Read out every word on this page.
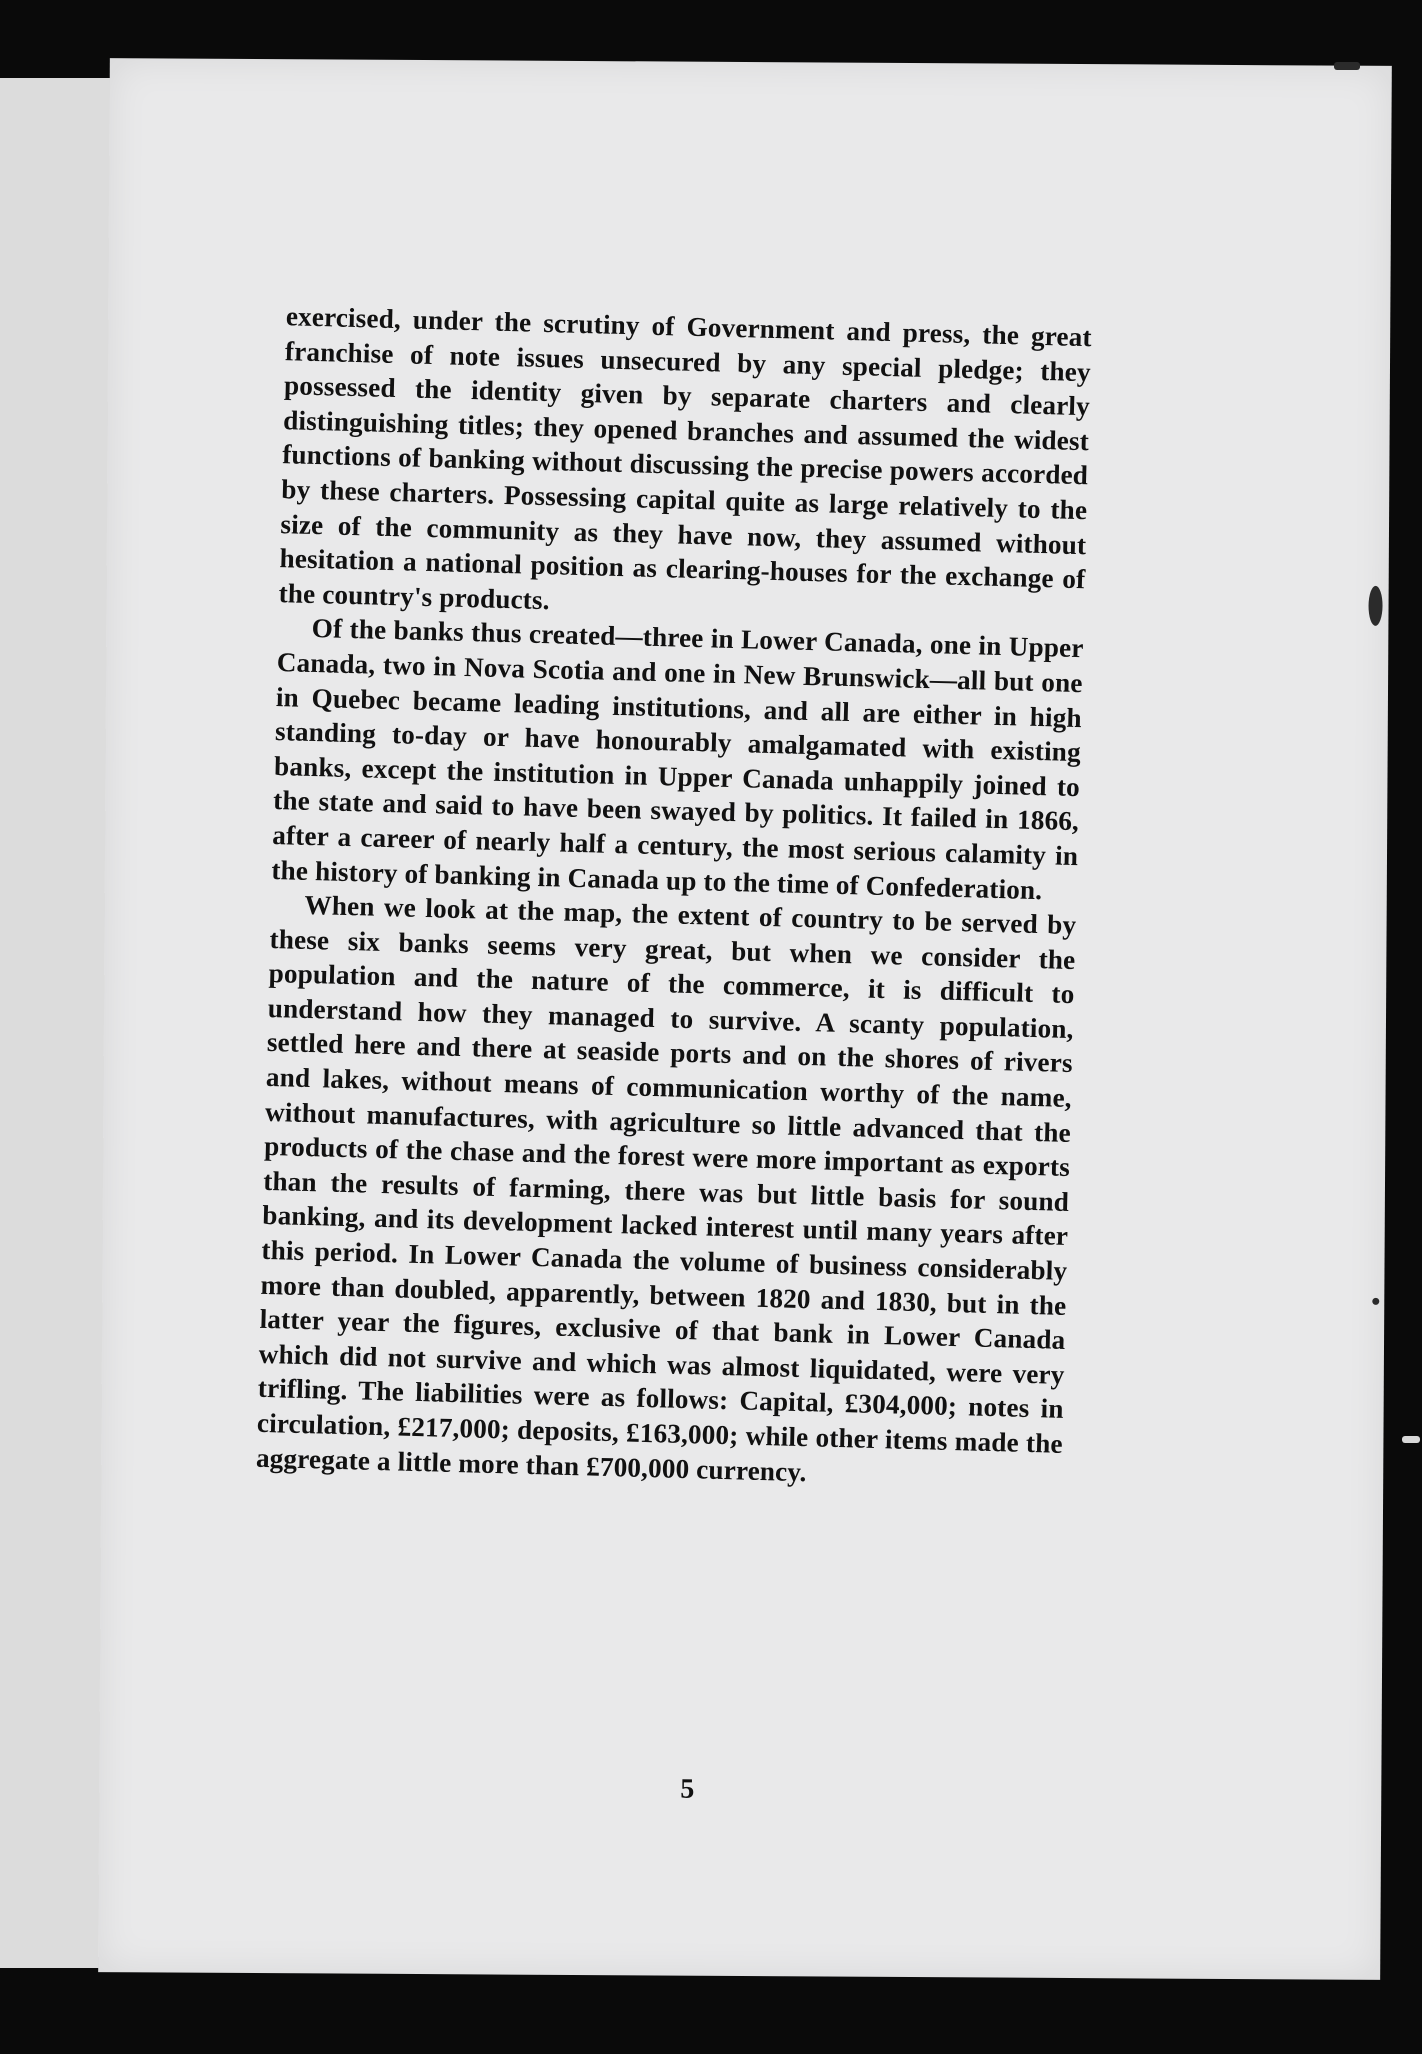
exercised, under the scrutiny of Government and press, the great franchise of note issues unsecured by any special pledge; they possessed the identity given by separate charters and clearly distinguishing titles; they opened branches and assumed the widest functions of banking without discussing the precise powers accorded by these charters. Possessing capital quite as large relatively to the size of the community as they have now, they assumed without hesitation a national position as clearing-houses for the exchange of the country's products.

Of the banks thus created—three in Lower Canada, one in Upper Canada, two in Nova Scotia and one in New Brunswick—all but one in Quebec became leading institutions, and all are either in high standing to-day or have honourably amalgamated with existing banks, except the institution in Upper Canada unhappily joined to the state and said to have been swayed by politics. It failed in 1866, after a career of nearly half a century, the most serious calamity in the history of banking in Canada up to the time of Confederation.

When we look at the map, the extent of country to be served by these six banks seems very great, but when we consider the population and the nature of the commerce, it is difficult to understand how they managed to survive. A scanty population, settled here and there at seaside ports and on the shores of rivers and lakes, without means of communication worthy of the name, without manufactures, with agriculture so little advanced that the products of the chase and the forest were more important as exports than the results of farming, there was but little basis for sound banking, and its development lacked interest until many years after this period. In Lower Canada the volume of business considerably more than doubled, apparently, between 1820 and 1830, but in the latter year the figures, exclusive of that bank in Lower Canada which did not survive and which was almost liquidated, were very trifling. The liabilities were as follows: Capital, £304,000; notes in circulation, £217,000; deposits, £163,000; while other items made the aggregate a little more than £700,000 currency.

5
